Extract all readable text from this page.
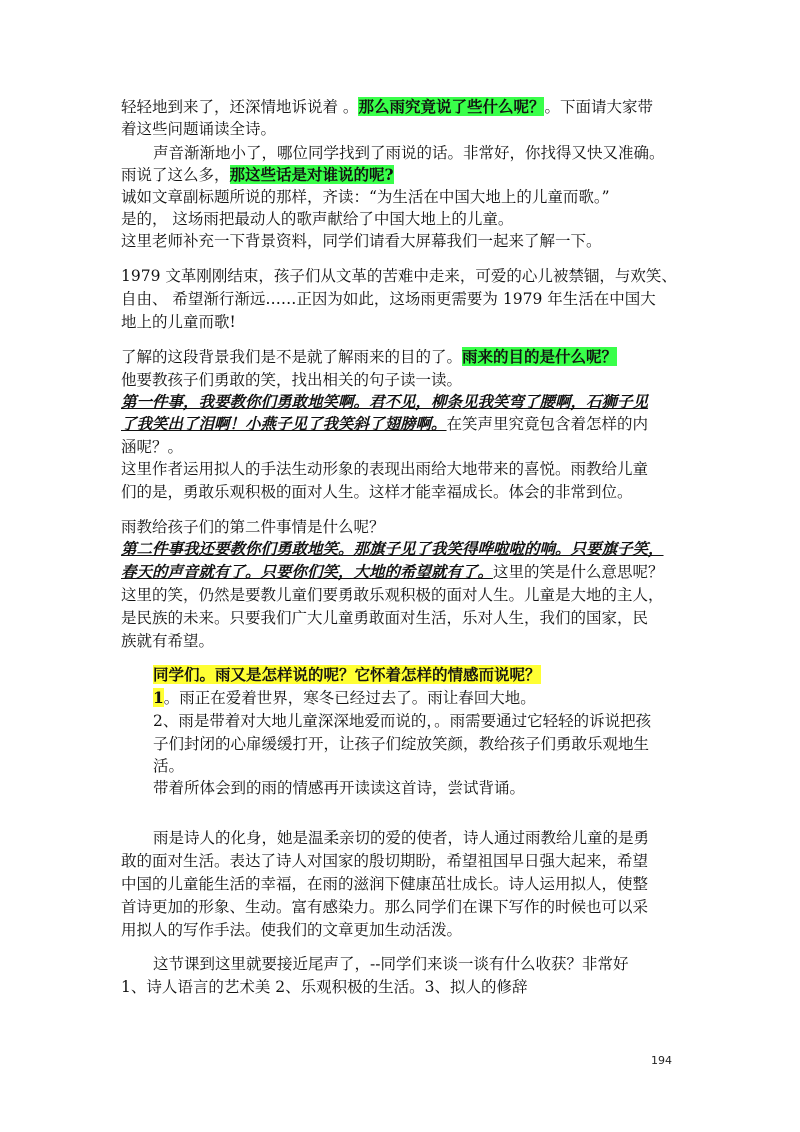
轻轻地到来了，还深情地诉说着 。那么雨究竟说了些什么呢？。下面请大家带
着这些问题诵读全诗。
声音渐渐地小了，哪位同学找到了雨说的话。非常好，你找得又快又准确。
雨说了这么多，那这些话是对谁说的呢?
诚如文章副标题所说的那样，齐读：“为生活在中国大地上的儿童而歌。”
是的， 这场雨把最动人的歌声献给了中国大地上的儿童。
这里老师补充一下背景资料，同学们请看大屏幕我们一起来了解一下。
1979 文革刚刚结束，孩子们从文革的苦难中走来，可爱的心儿被禁锢，与欢笑、
自由、 希望渐行渐远……正因为如此，这场雨更需要为 1979 年生活在中国大
地上的儿童而歌!
了解的这段背景我们是不是就了解雨来的目的了。雨来的目的是什么呢？
他要教孩子们勇敢的笑，找出相关的句子读一读。
第一件事，我要教你们勇敢地笑啊。君不见，柳条见我笑弯了腰啊，石狮子见
了我笑出了泪啊！小燕子见了我笑斜了翅膀啊。在笑声里究竟包含着怎样的内
涵呢？。
这里作者运用拟人的手法生动形象的表现出雨给大地带来的喜悦。雨教给儿童
们的是，勇敢乐观积极的面对人生。这样才能幸福成长。体会的非常到位。
雨教给孩子们的第二件事情是什么呢？
第二件事我还要教你们勇敢地笑。那旗子见了我笑得哗啦啦的响。只要旗子笑，
春天的声音就有了。只要你们笑，大地的希望就有了。这里的笑是什么意思呢？
这里的笑，仍然是要教儿童们要勇敢乐观积极的面对人生。儿童是大地的主人，
是民族的未来。只要我们广大儿童勇敢面对生活，乐对人生，我们的国家，民
族就有希望。
同学们。雨又是怎样说的呢？它怀着怎样的情感而说呢？
1。雨正在爱着世界，寒冬已经过去了。雨让春回大地。
2、雨是带着对大地儿童深深地爱而说的，。雨需要通过它轻轻的诉说把孩
子们封闭的心扉缓缓打开，让孩子们绽放笑颜，教给孩子们勇敢乐观地生
活。
带着所体会到的雨的情感再开读读这首诗，尝试背诵。
雨是诗人的化身，她是温柔亲切的爱的使者，诗人通过雨教给儿童的是勇
敢的面对生活。表达了诗人对国家的殷切期盼，希望祖国早日强大起来，希望
中国的儿童能生活的幸福，在雨的滋润下健康茁壮成长。诗人运用拟人，使整
首诗更加的形象、生动。富有感染力。那么同学们在课下写作的时候也可以采
用拟人的写作手法。使我们的文章更加生动活泼。
这节课到这里就要接近尾声了，--同学们来谈一谈有什么收获？非常好
1、诗人语言的艺术美 2、乐观积极的生活。3、拟人的修辞
194
